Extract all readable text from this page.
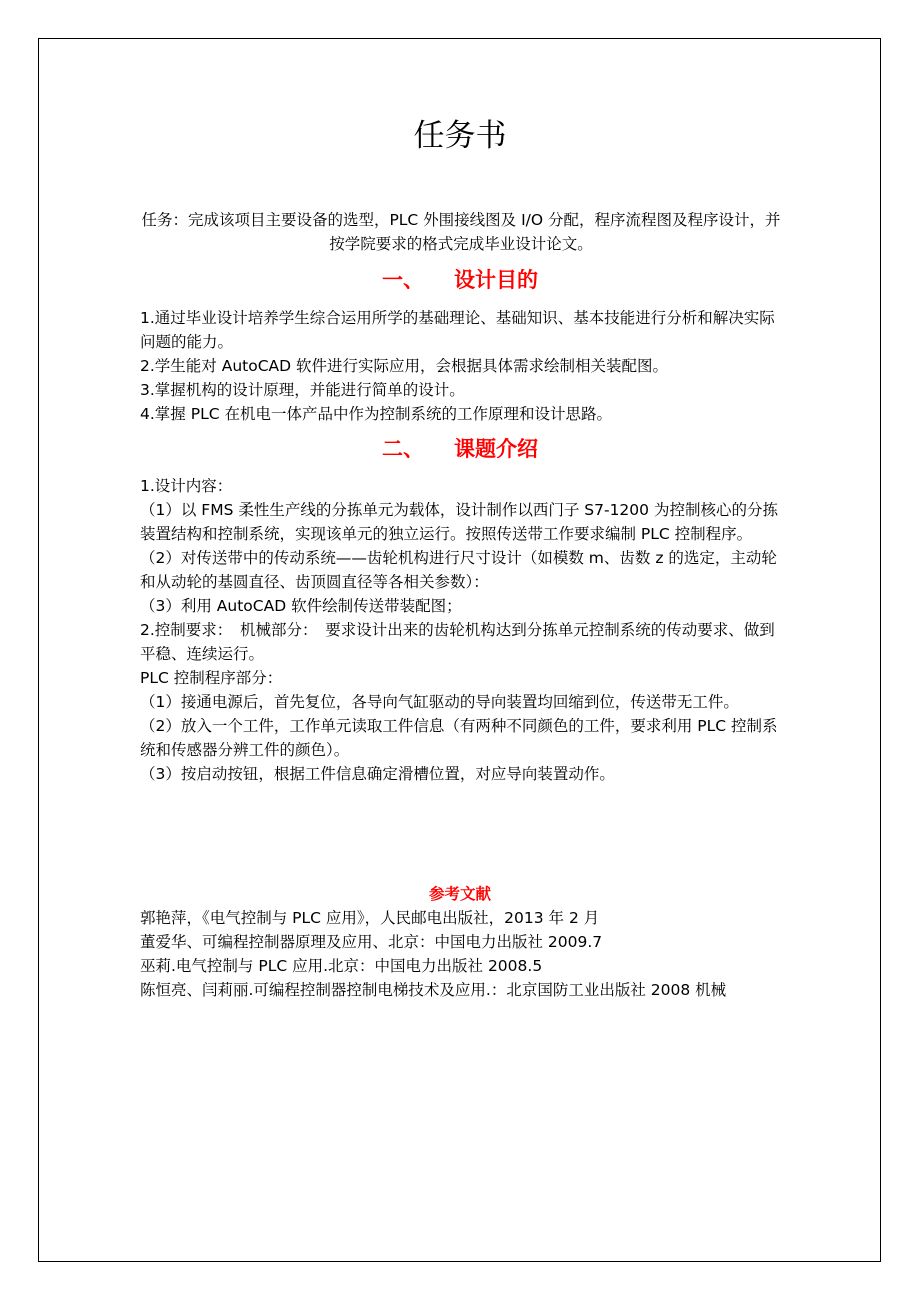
任务书
任务：完成该项目主要设备的选型，PLC 外围接线图及 I/O 分配，程序流程图及程序设计，并按学院要求的格式完成毕业设计论文。
一、 设计目的

1.通过毕业设计培养学生综合运用所学的基础理论、基础知识、基本技能进行分析和解决实际问题的能力。

2.学生能对 AutoCAD 软件进行实际应用，会根据具体需求绘制相关装配图。

3.掌握机构的设计原理，并能进行简单的设计。

4.掌握 PLC 在机电一体产品中作为控制系统的工作原理和设计思路。

二、 课题介绍

1.设计内容：

（1）以 FMS 柔性生产线的分拣单元为载体，设计制作以西门子 S7-1200 为控制核心的分拣装置结构和控制系统，实现该单元的独立运行。按照传送带工作要求编制 PLC 控制程序。

（2）对传送带中的传动系统——齿轮机构进行尺寸设计（如模数 m、齿数 z 的选定，主动轮和从动轮的基圆直径、齿顶圆直径等各相关参数）：

（3）利用 AutoCAD 软件绘制传送带装配图；

2.控制要求：　机械部分：　要求设计出来的齿轮机构达到分拣单元控制系统的传动要求、做到平稳、连续运行。

PLC 控制程序部分：

（1）接通电源后，首先复位，各导向气缸驱动的导向装置均回缩到位，传送带无工件。

（2）放入一个工件，工作单元读取工件信息（有两种不同颜色的工件，要求利用 PLC 控制系统和传感器分辨工件的颜色）。

（3）按启动按钮，根据工件信息确定滑槽位置，对应导向装置动作。

参考文献

郭艳萍，《电气控制与 PLC 应用》，人民邮电出版社，2013 年 2 月

董爱华、可编程控制器原理及应用、北京：中国电力出版社 2009.7

巫莉.电气控制与 PLC 应用.北京：中国电力出版社 2008.5

陈恒亮、闫莉丽.可编程控制器控制电梯技术及应用.：北京国防工业出版社 2008 机械
